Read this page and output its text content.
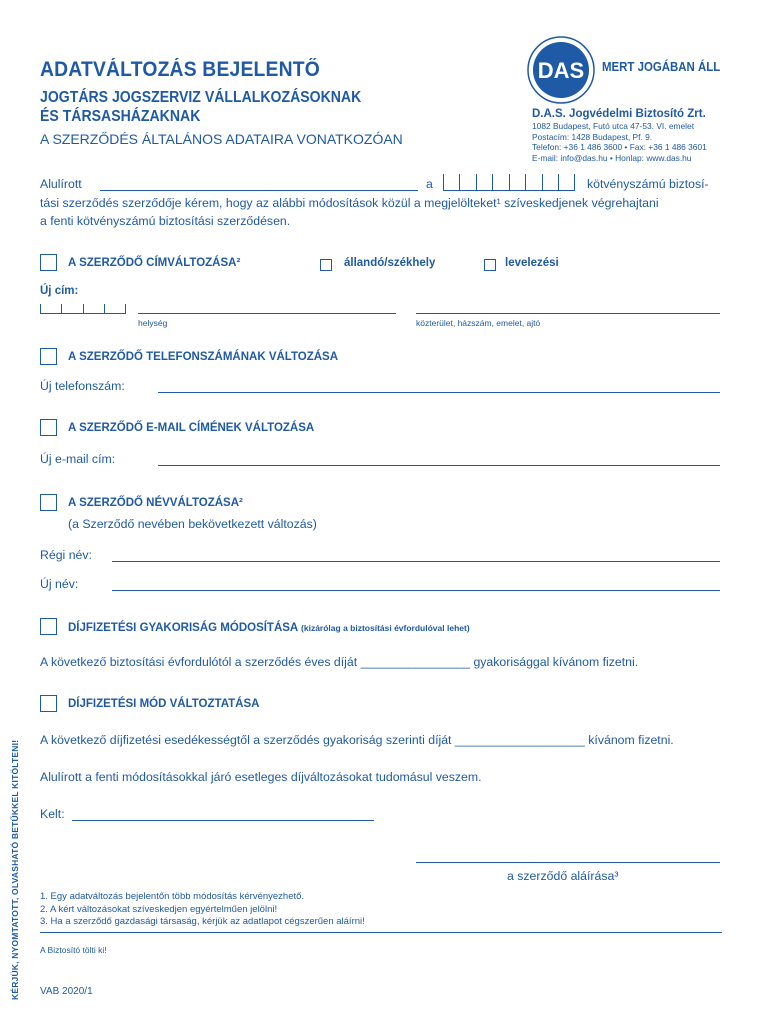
ADATVÁLTOZÁS BEJELENTŐ
JOGTÁRS JOGSZERVIZ VÁLLALKOZÁSOKNAK
ÉS TÁRSASHÁZAKNAK
A SZERZŐDÉS ÁLTALÁNOS ADATAIRA VONATKOZÓAN
DAS MERT JOGÁBAN ÁLL
D.A.S. Jogvédelmi Biztosító Zrt.
1082 Budapest, Futó utca 47-53. VI. emelet
Postacím: 1428 Budapest, Pf. 9.
Telefon: +36 1 486 3600 • Fax: +36 1 486 3601
E-mail: info@das.hu • Honlap: www.das.hu
Alulírott	a	kötvényszámú biztosí-
tási szerződés szerződője kérem, hogy az alábbi módosítások közül a megjelölteket¹ szíveskedjenek végrehajtani
a fenti kötvényszámú biztosítási szerződésen.
A SZERZŐDŐ CÍMVÁLTOZÁSA²	állandó/székhely	levelezési
Új cím:
helység	közterület, házszám, emelet, ajtó
A SZERZŐDŐ TELEFONSZÁMÁNAK VÁLTOZÁSA
Új telefonszám:
A SZERZŐDŐ E-MAIL CÍMÉNEK VÁLTOZÁSA
Új e-mail cím:
A SZERZŐDŐ NÉVVÁLTOZÁSA²
(a Szerződő nevében bekövetkezett változás)
Régi név:
Új név:
DÍJFIZETÉSI GYAKORISÁG MÓDOSÍTÁSA (kizárólag a biztosítási évfordulóval lehet)
A következő biztosítási évfordulótól a szerződés éves díját ________________ gyakorisággal kívánom fizetni.
DÍJFIZETÉSI MÓD VÁLTOZTATÁSA
A következő díjfizetési esedékességtől a szerződés gyakoriság szerinti díját ___________________ kívánom fizetni.
Alulírott a fenti módosításokkal járó esetleges díjváltozásokat tudomásul veszem.
Kelt:
a szerződő aláírása³
1. Egy adatváltozás bejelentőn több módosítás kérvényezhető.
2. A kért változásokat szíveskedjen egyértelműen jelölni!
3. Ha a szerződő gazdasági társaság, kérjük az adatlapot cégszerűen aláírni!
A Biztosító tölti ki!
VAB 2020/1
KÉRJÜK, NYOMTATOTT, OLVASHATÓ BETŰKKEL KITÖLTENI!
